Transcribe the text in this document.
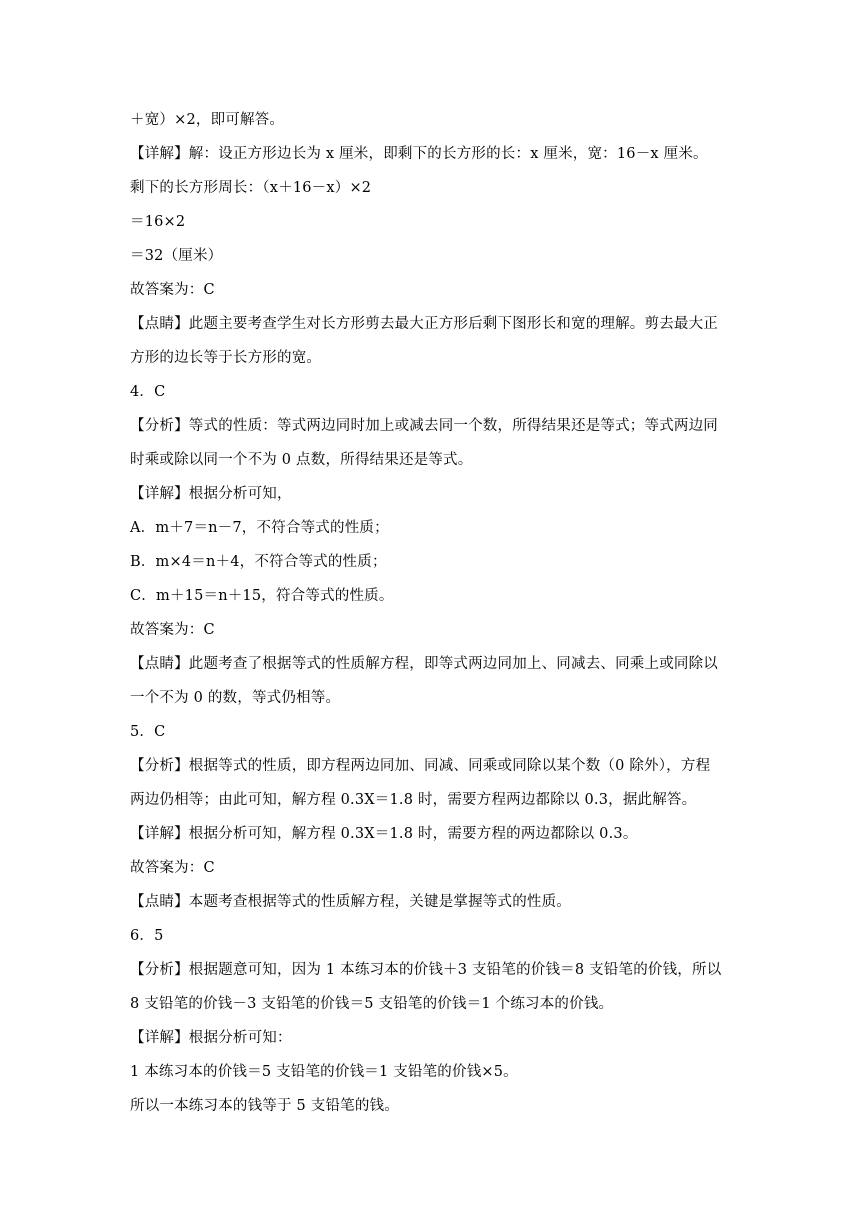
＋宽）×2，即可解答。
【详解】解：设正方形边长为 x 厘米，即剩下的长方形的长：x 厘米，宽：16－x 厘米。
剩下的长方形周长：（x＋16－x）×2
＝16×2
＝32（厘米）
故答案为：C
【点睛】此题主要考查学生对长方形剪去最大正方形后剩下图形长和宽的理解。剪去最大正
方形的边长等于长方形的宽。
4．C
【分析】等式的性质：等式两边同时加上或减去同一个数，所得结果还是等式；等式两边同
时乘或除以同一个不为 0 点数，所得结果还是等式。
【详解】根据分析可知，
A．m＋7＝n－7，不符合等式的性质；
B．m×4＝n＋4，不符合等式的性质；
C．m＋15＝n＋15，符合等式的性质。
故答案为：C
【点睛】此题考查了根据等式的性质解方程，即等式两边同加上、同减去、同乘上或同除以
一个不为 0 的数，等式仍相等。
5．C
【分析】根据等式的性质，即方程两边同加、同减、同乘或同除以某个数（0 除外），方程
两边仍相等；由此可知，解方程 0.3X＝1.8 时，需要方程两边都除以 0.3，据此解答。
【详解】根据分析可知，解方程 0.3X＝1.8 时，需要方程的两边都除以 0.3。
故答案为：C
【点睛】本题考查根据等式的性质解方程，关键是掌握等式的性质。
6．5
【分析】根据题意可知，因为 1 本练习本的价钱＋3 支铅笔的价钱＝8 支铅笔的价钱，所以
8 支铅笔的价钱－3 支铅笔的价钱＝5 支铅笔的价钱＝1 个练习本的价钱。
【详解】根据分析可知：
1 本练习本的价钱＝5 支铅笔的价钱＝1 支铅笔的价钱×5。
所以一本练习本的钱等于 5 支铅笔的钱。
